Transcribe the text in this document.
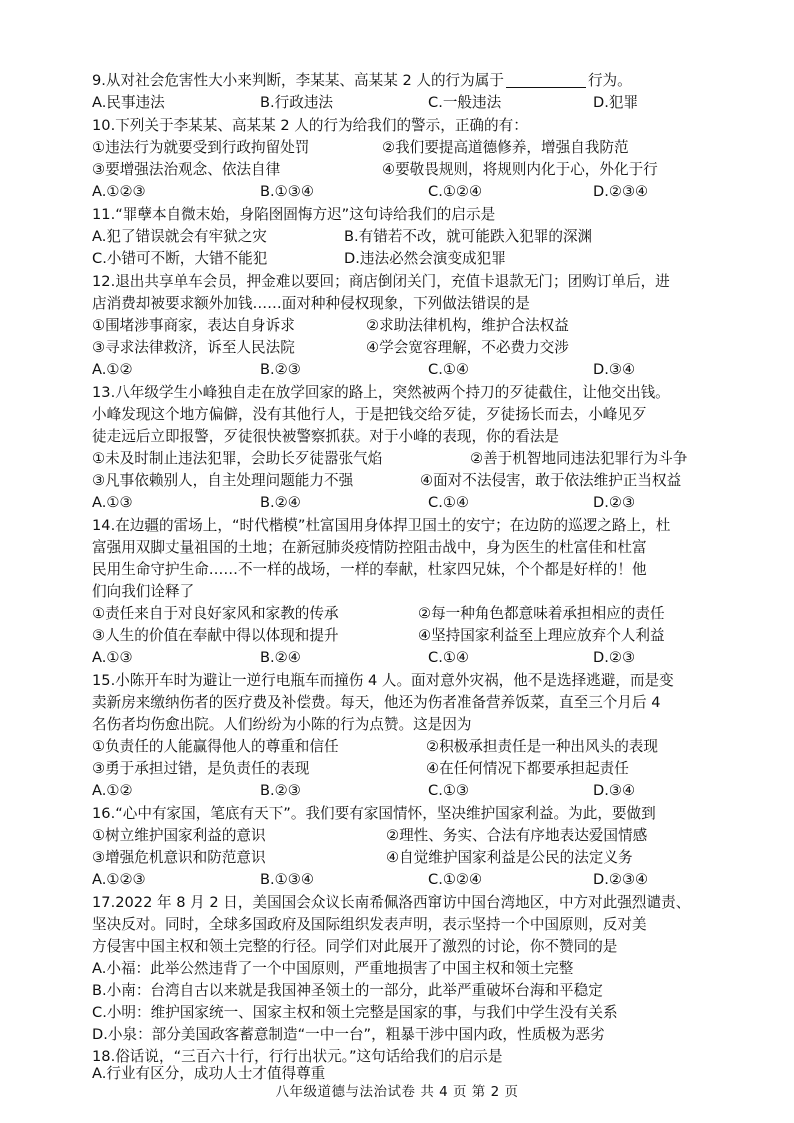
9.从对社会危害性大小来判断，李某某、高某某 2 人的行为属于	行为。
A.民事违法	B.行政违法	C.一般违法	D.犯罪
10.下列关于李某某、高某某 2 人的行为给我们的警示，正确的有：
①违法行为就要受到行政拘留处罚	②我们要提高道德修养，增强自我防范
③要增强法治观念、依法自律	④要敬畏规则，将规则内化于心，外化于行
A.①②③	B.①③④	C.①②④	D.②③④
11.“罪孽本自微末始，身陷囹圄悔方迟”这句诗给我们的启示是
A.犯了错误就会有牢狱之灾	B.有错若不改，就可能跌入犯罪的深渊
C.小错可不断，大错不能犯	D.违法必然会演变成犯罪
12.退出共享单车会员，押金难以要回；商店倒闭关门，充值卡退款无门；团购订单后，进
店消费却被要求额外加钱……面对种种侵权现象，下列做法错误的是
①围堵涉事商家，表达自身诉求	②求助法律机构，维护合法权益
③寻求法律救济，诉至人民法院	④学会宽容理解，不必费力交涉
A.①②	B.②③	C.①④	D.③④
13.八年级学生小峰独自走在放学回家的路上，突然被两个持刀的歹徒截住，让他交出钱。
小峰发现这个地方偏僻，没有其他行人，于是把钱交给歹徒，歹徒扬长而去，小峰见歹
徒走远后立即报警，歹徒很快被警察抓获。对于小峰的表现，你的看法是
①未及时制止违法犯罪，会助长歹徒嚣张气焰	②善于机智地同违法犯罪行为斗争
③凡事依赖别人，自主处理问题能力不强	④面对不法侵害，敢于依法维护正当权益
A.①③	B.②④	C.①④	D.②③
14.在边疆的雷场上，“时代楷模”杜富国用身体捍卫国土的安宁；在边防的巡逻之路上，杜
富强用双脚丈量祖国的土地；在新冠肺炎疫情防控阻击战中，身为医生的杜富佳和杜富
民用生命守护生命……不一样的战场，一样的奉献，杜家四兄妹，个个都是好样的！他
们向我们诠释了
①责任来自于对良好家风和家教的传承	②每一种角色都意味着承担相应的责任
③人生的价值在奉献中得以体现和提升	④坚持国家利益至上理应放弃个人利益
A.①③	B.②④	C.①④	D.②③
15.小陈开车时为避让一逆行电瓶车而撞伤 4 人。面对意外灾祸，他不是选择逃避，而是变
卖新房来缴纳伤者的医疗费及补偿费。每天，他还为伤者准备营养饭菜，直至三个月后 4
名伤者均伤愈出院。人们纷纷为小陈的行为点赞。这是因为
①负责任的人能赢得他人的尊重和信任	②积极承担责任是一种出风头的表现
③勇于承担过错，是负责任的表现	④在任何情况下都要承担起责任
A.①②	B.②③	C.①③	D.③④
16.“心中有家国，笔底有天下”。我们要有家国情怀，坚决维护国家利益。为此，要做到
①树立维护国家利益的意识	②理性、务实、合法有序地表达爱国情感
③增强危机意识和防范意识	④自觉维护国家利益是公民的法定义务
A.①②③	B.①③④	C.①②④	D.②③④
17.2022 年 8 月 2 日，美国国会众议长南希佩洛西窜访中国台湾地区，中方对此强烈谴责、
坚决反对。同时，全球多国政府及国际组织发表声明，表示坚持一个中国原则，反对美
方侵害中国主权和领土完整的行径。同学们对此展开了激烈的讨论，你不赞同的是
A.小福：此举公然违背了一个中国原则，严重地损害了中国主权和领土完整
B.小南：台湾自古以来就是我国神圣领土的一部分，此举严重破坏台海和平稳定
C.小明：维护国家统一、国家主权和领土完整是国家的事，与我们中学生没有关系
D.小泉：部分美国政客蓄意制造“一中一台”，粗暴干涉中国内政，性质极为恶劣
18.俗话说，“三百六十行，行行出状元。”这句话给我们的启示是
A.行业有区分，成功人士才值得尊重
八年级道德与法治试卷 共 4 页 第 2 页
